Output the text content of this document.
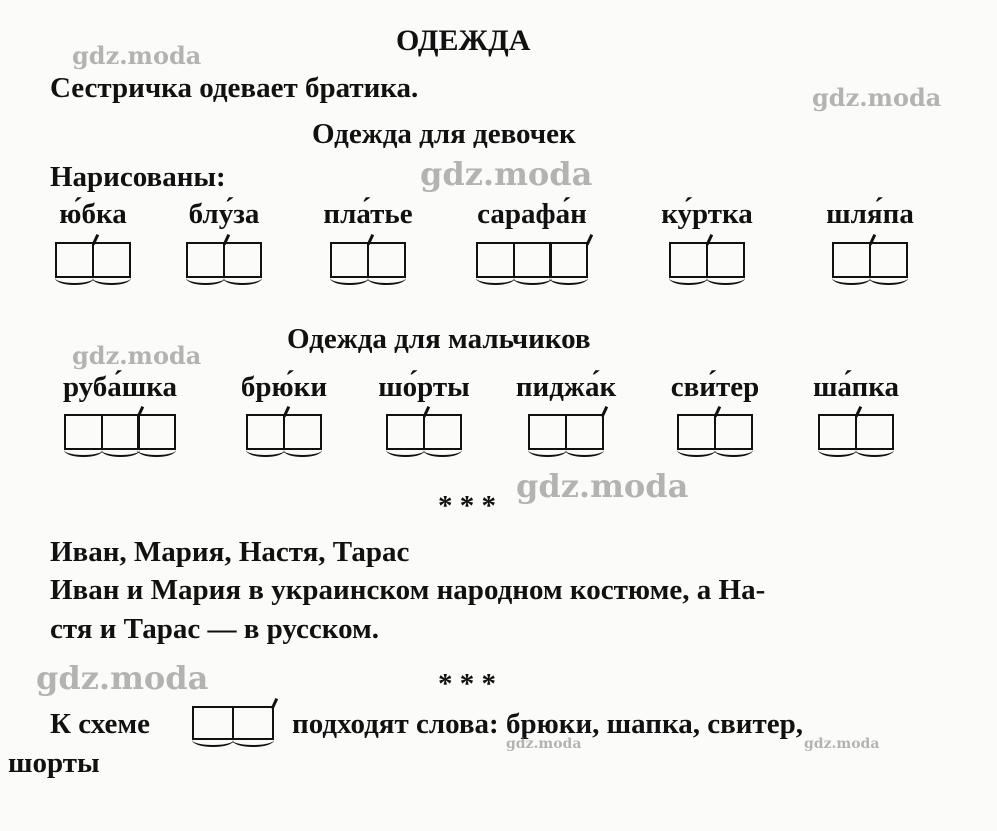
ОДЕЖДА
Сестричка одевает братика.
Одежда для девочек
Нарисованы:
ю́бка	блу́за	пла́тье	сарафа́н	ку́ртка	шля́па
Одежда для мальчиков
руба́шка	брю́ки	шо́рты	пиджа́к	сви́тер	ша́пка
* * *
Иван, Мария, Настя, Тарас
Иван и Мария в украинском народном костюме, а На-
стя и Тарас — в русском.
* * *
К схеме	подходят слова: брюки, шапка, свитер,
шорты
gdz.moda
gdz.moda
gdz.moda
gdz.moda
gdz.moda
gdz.moda
gdz.moda	gdz.moda
